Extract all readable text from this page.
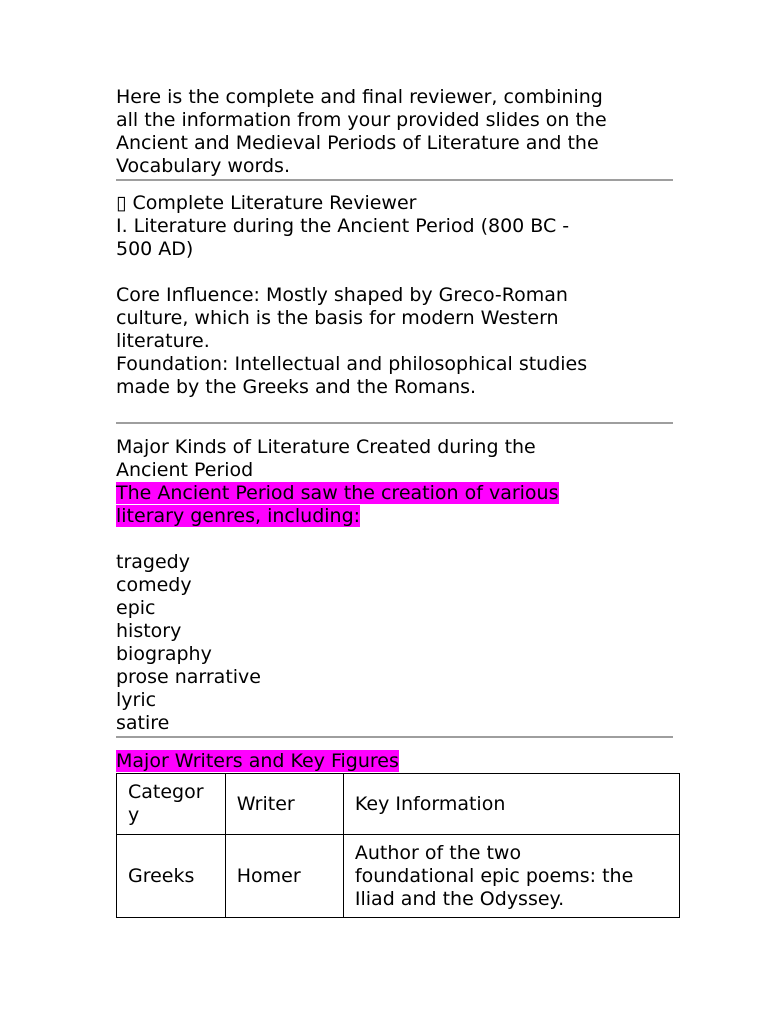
Here is the complete and final reviewer, combining
all the information from your provided slides on the
Ancient and Medieval Periods of Literature and the
Vocabulary words.
▯ Complete Literature Reviewer
I. Literature during the Ancient Period (800 BC -
500 AD)
Core Influence: Mostly shaped by Greco-Roman
culture, which is the basis for modern Western
literature.
Foundation: Intellectual and philosophical studies
made by the Greeks and the Romans.
Major Kinds of Literature Created during the
Ancient Period
The Ancient Period saw the creation of various
literary genres, including:
tragedy
comedy
epic
history
biography
prose narrative
lyric
satire
Major Writers and Key Figures
Categor
y	Writer	Key Information
Greeks	Homer	Author of the two
foundational epic poems: the
Iliad and the Odyssey.
